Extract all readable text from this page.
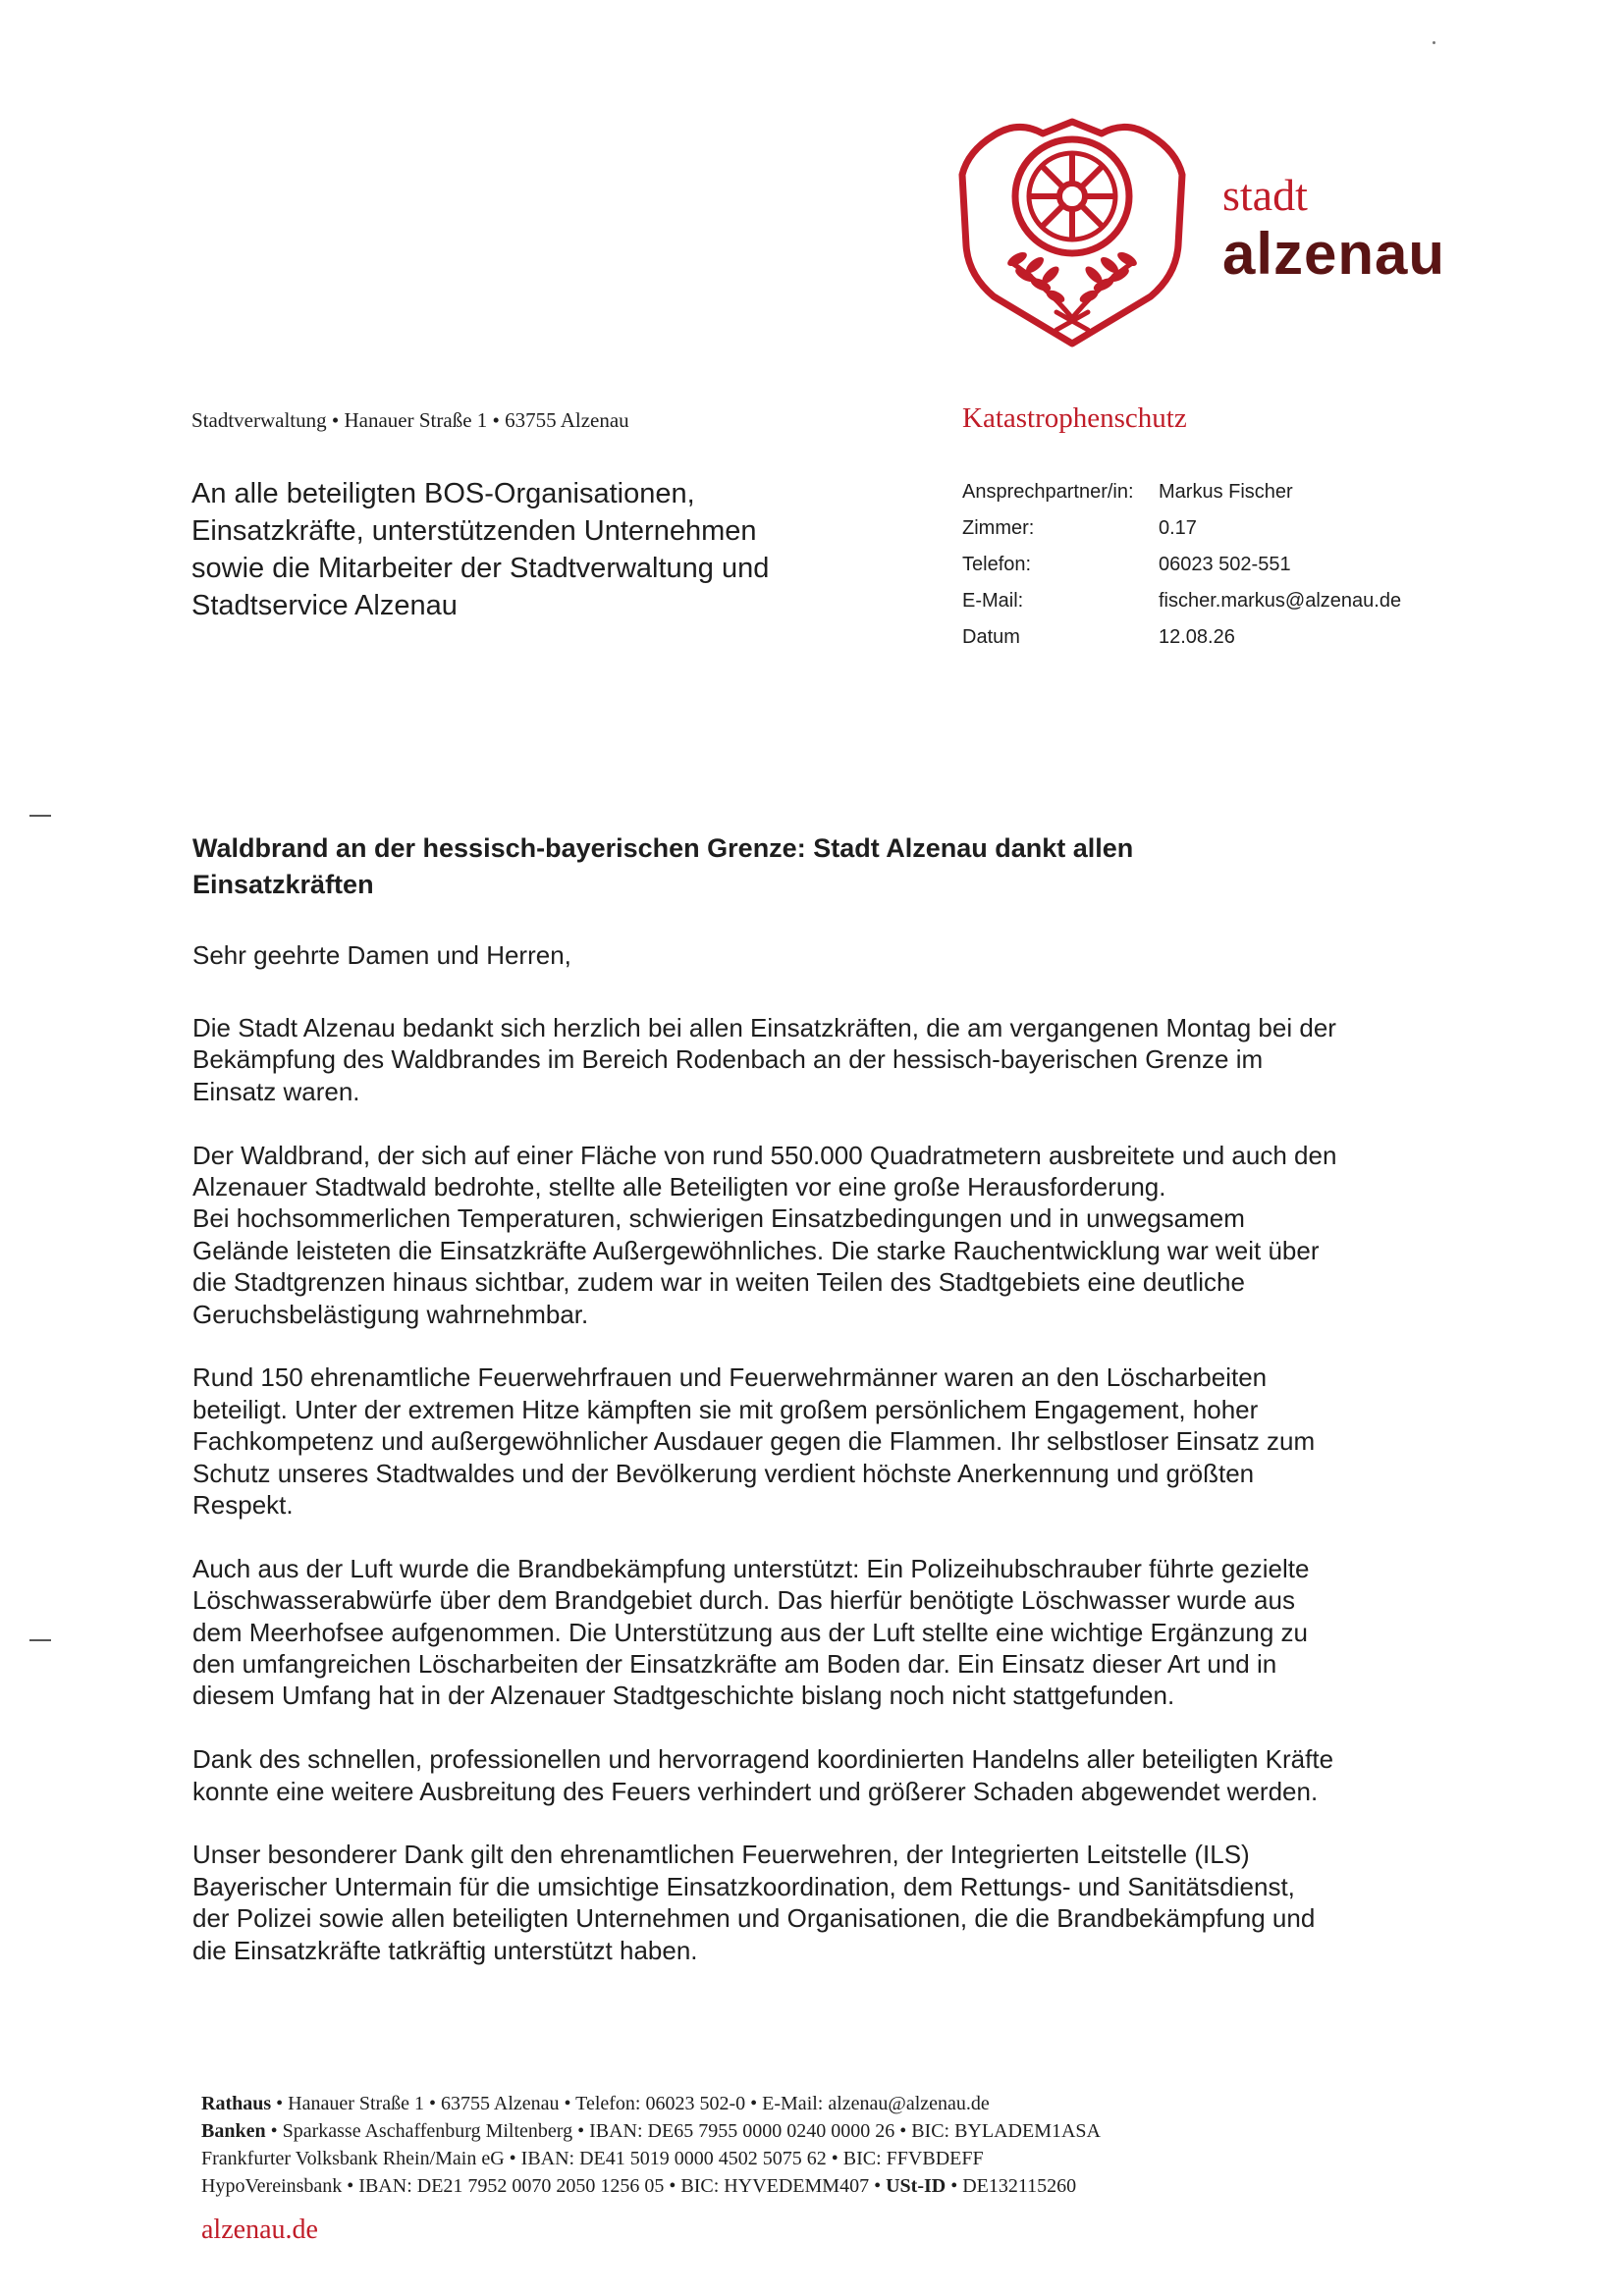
stadt
alzenau
Stadtverwaltung • Hanauer Straße 1 • 63755 Alzenau	Katastrophenschutz
An alle beteiligten BOS-Organisationen,
Einsatzkräfte, unterstützenden Unternehmen
sowie die Mitarbeiter der Stadtverwaltung und
Stadtservice Alzenau
Ansprechpartner/in:	Markus Fischer
Zimmer:	0.17
Telefon:	06023 502-551
E-Mail:	fischer.markus@alzenau.de
Datum	12.08.26
Waldbrand an der hessisch-bayerischen Grenze: Stadt Alzenau dankt allen
Einsatzkräften
Sehr geehrte Damen und Herren,

Die Stadt Alzenau bedankt sich herzlich bei allen Einsatzkräften, die am vergangenen Montag bei der
Bekämpfung des Waldbrandes im Bereich Rodenbach an der hessisch-bayerischen Grenze im
Einsatz waren.

Der Waldbrand, der sich auf einer Fläche von rund 550.000 Quadratmetern ausbreitete und auch den
Alzenauer Stadtwald bedrohte, stellte alle Beteiligten vor eine große Herausforderung.
Bei hochsommerlichen Temperaturen, schwierigen Einsatzbedingungen und in unwegsamem
Gelände leisteten die Einsatzkräfte Außergewöhnliches. Die starke Rauchentwicklung war weit über
die Stadtgrenzen hinaus sichtbar, zudem war in weiten Teilen des Stadtgebiets eine deutliche
Geruchsbelästigung wahrnehmbar.

Rund 150 ehrenamtliche Feuerwehrfrauen und Feuerwehrmänner waren an den Löscharbeiten
beteiligt. Unter der extremen Hitze kämpften sie mit großem persönlichem Engagement, hoher
Fachkompetenz und außergewöhnlicher Ausdauer gegen die Flammen. Ihr selbstloser Einsatz zum
Schutz unseres Stadtwaldes und der Bevölkerung verdient höchste Anerkennung und größten
Respekt.

Auch aus der Luft wurde die Brandbekämpfung unterstützt: Ein Polizeihubschrauber führte gezielte
Löschwasserabwürfe über dem Brandgebiet durch. Das hierfür benötigte Löschwasser wurde aus
dem Meerhofsee aufgenommen. Die Unterstützung aus der Luft stellte eine wichtige Ergänzung zu
den umfangreichen Löscharbeiten der Einsatzkräfte am Boden dar. Ein Einsatz dieser Art und in
diesem Umfang hat in der Alzenauer Stadtgeschichte bislang noch nicht stattgefunden.

Dank des schnellen, professionellen und hervorragend koordinierten Handelns aller beteiligten Kräfte
konnte eine weitere Ausbreitung des Feuers verhindert und größerer Schaden abgewendet werden.

Unser besonderer Dank gilt den ehrenamtlichen Feuerwehren, der Integrierten Leitstelle (ILS)
Bayerischer Untermain für die umsichtige Einsatzkoordination, dem Rettungs- und Sanitätsdienst,
der Polizei sowie allen beteiligten Unternehmen und Organisationen, die die Brandbekämpfung und
die Einsatzkräfte tatkräftig unterstützt haben.

Rathaus • Hanauer Straße 1 • 63755 Alzenau • Telefon: 06023 502-0 • E-Mail: alzenau@alzenau.de
Banken • Sparkasse Aschaffenburg Miltenberg • IBAN: DE65 7955 0000 0240 0000 26 • BIC: BYLADEM1ASA
Frankfurter Volksbank Rhein/Main eG • IBAN: DE41 5019 0000 4502 5075 62 • BIC: FFVBDEFF
HypoVereinsbank • IBAN: DE21 7952 0070 2050 1256 05 • BIC: HYVEDEMM407 • USt-ID • DE132115260
alzenau.de
